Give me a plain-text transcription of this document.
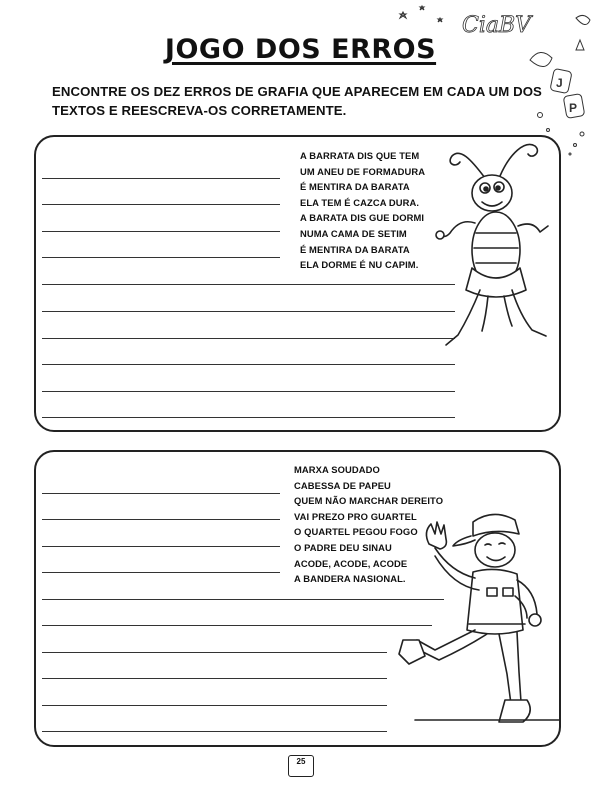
CiaBV
J
P
JOGO DOS ERROS
ENCONTRE OS DEZ ERROS DE GRAFIA QUE APARECEM EM CADA UM DOS TEXTOS E REESCREVA-OS CORRETAMENTE.
A BARRATA DIS QUE TEM
UM ANEU DE FORMADURA
É MENTIRA DA BARATA
ELA TEM É CAZCA DURA.
A BARATA DIS GUE DORMI
NUMA CAMA DE SETIM
É MENTIRA DA BARATA
ELA DORME É NU CAPIM.
MARXA SOUDADO
CABESSA DE PAPEU
QUEM NÃO MARCHAR DEREITO
VAI PREZO PRO GUARTEL
O QUARTEL PEGOU FOGO
O PADRE DEU SINAU
ACODE, ACODE, ACODE
A BANDERA NASIONAL.
25
